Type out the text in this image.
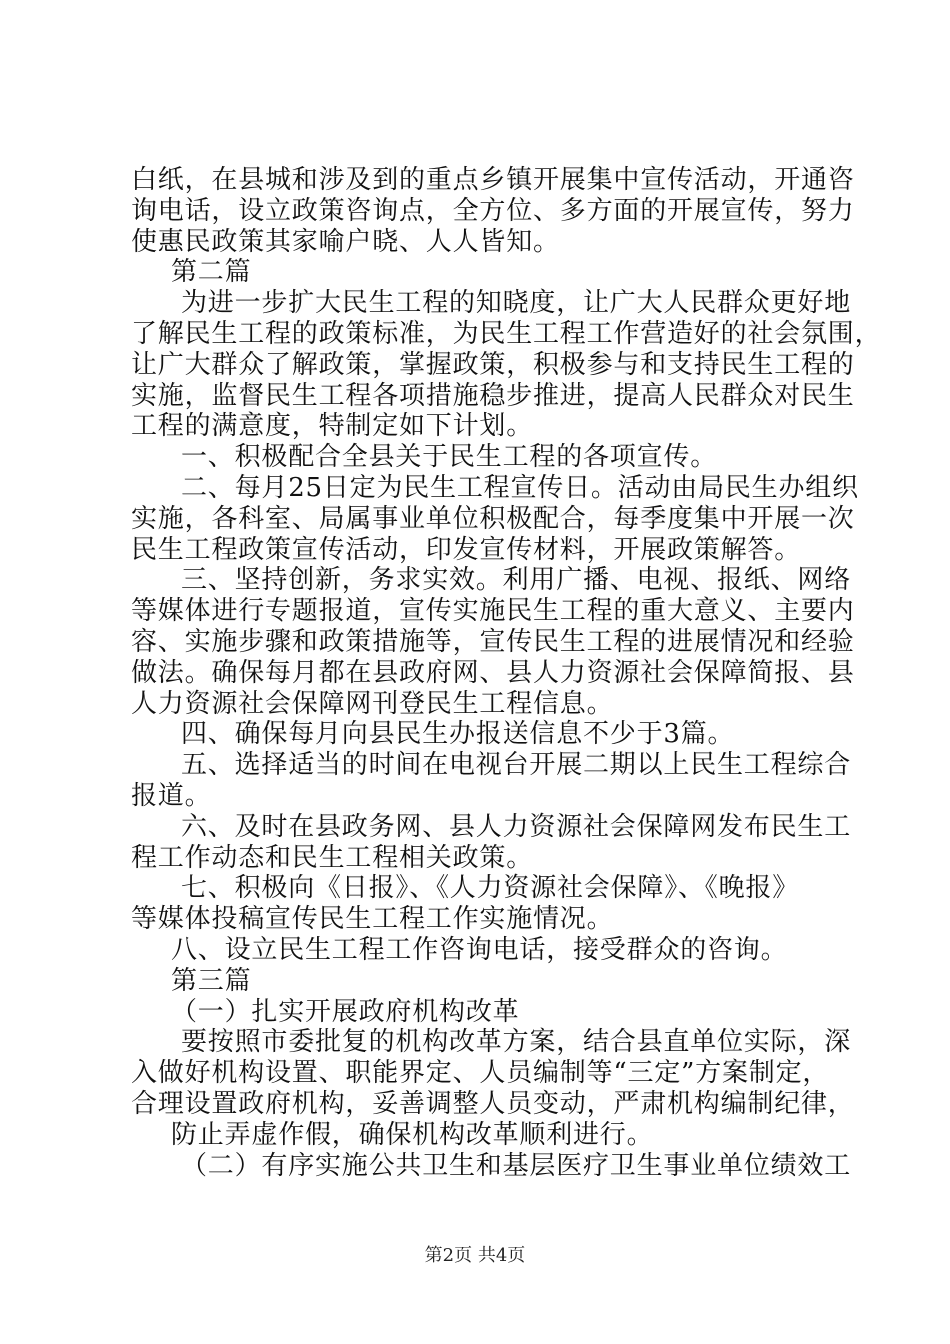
白纸，在县城和涉及到的重点乡镇开展集中宣传活动，开通咨
询电话，设立政策咨询点，全方位、多方面的开展宣传，努力
使惠民政策其家喻户晓、人人皆知。
第二篇
为进一步扩大民生工程的知晓度，让广大人民群众更好地
了解民生工程的政策标准，为民生工程工作营造好的社会氛围，
让广大群众了解政策，掌握政策，积极参与和支持民生工程的
实施，监督民生工程各项措施稳步推进，提高人民群众对民生
工程的满意度，特制定如下计划。
一、积极配合全县关于民生工程的各项宣传。
二、每月25日定为民生工程宣传日。活动由局民生办组织
实施，各科室、局属事业单位积极配合，每季度集中开展一次
民生工程政策宣传活动，印发宣传材料，开展政策解答。
三、坚持创新，务求实效。利用广播、电视、报纸、网络
等媒体进行专题报道，宣传实施民生工程的重大意义、主要内
容、实施步骤和政策措施等，宣传民生工程的进展情况和经验
做法。确保每月都在县政府网、县人力资源社会保障简报、县
人力资源社会保障网刊登民生工程信息。
四、确保每月向县民生办报送信息不少于3篇。
五、选择适当的时间在电视台开展二期以上民生工程综合
报道。
六、及时在县政务网、县人力资源社会保障网发布民生工
程工作动态和民生工程相关政策。
七、积极向《日报》、《人力资源社会保障》、《晚报》
等媒体投稿宣传民生工程工作实施情况。
八、设立民生工程工作咨询电话，接受群众的咨询。
第三篇
（一）扎实开展政府机构改革
要按照市委批复的机构改革方案，结合县直单位实际，深
入做好机构设置、职能界定、人员编制等“三定”方案制定，
合理设置政府机构，妥善调整人员变动，严肃机构编制纪律，
防止弄虚作假，确保机构改革顺利进行。
（二）有序实施公共卫生和基层医疗卫生事业单位绩效工
第2页 共4页
